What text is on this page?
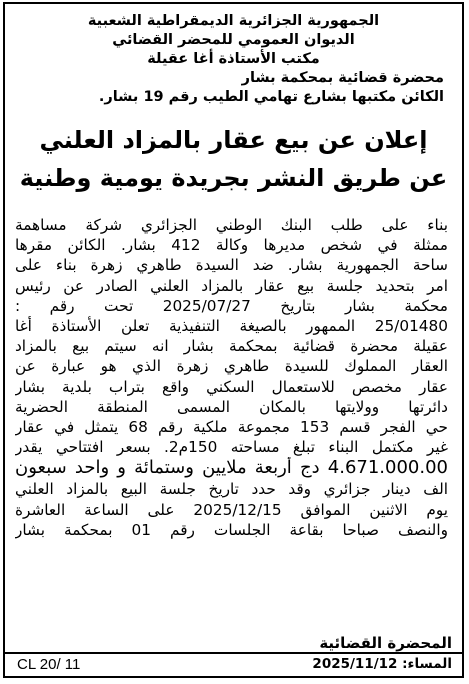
الجمهورية الجزائرية الديمقراطية الشعبية
الديوان العمومي للمحضر القضائي
مكتب الأستاذة أغا عقيلة
محضرة قضائية بمحكمة بشار
الكائن مكتبها بشارع تهامي الطيب رقم 19 بشار.
إعلان عن بيع عقار بالمزاد العلني
عن طريق النشر بجريدة يومية وطنية
بناء على طلب البنك الوطني الجزائري شركة مساهمة
ممثلة في شخص مديرها وكالة 412 بشار. الكائن مقرها
ساحة الجمهورية بشار. ضد السيدة طاهري زهرة بناء على
امر بتحديد جلسة بيع عقار بالمزاد العلني الصادر عن رئيس
محكمة بشار بتاريخ 2025/07/27 تحت رقم :
25/01480 الممهور بالصيغة التنفيذية تعلن الأستاذة أغا
عقيلة محضرة قضائية بمحكمة بشار انه سيتم بيع بالمزاد
العقار المملوك للسيدة طاهري زهرة الذي هو عبارة عن
عقار مخصص للاستعمال السكني واقع بتراب بلدية بشار
دائرتها وولايتها بالمكان المسمى المنطقة الحضرية
حي الفجر قسم 153 مجموعة ملكية رقم 68 يتمثل في عقار
غير مكتمل البناء تبلغ مساحته 150م2. بسعر افتتاحي يقدر
4.671.000.00 دج أربعة ملايين وستمائة و واحد سبعون
الف دينار جزائري وقد حدد تاريخ جلسة البيع بالمزاد العلني
يوم الاثنين الموافق 2025/12/15 على الساعة العاشرة
والنصف صباحا بقاعة الجلسات رقم 01 بمحكمة بشار
المحضرة القضائية
CL 20/ 11	المساء: 2025/11/12
